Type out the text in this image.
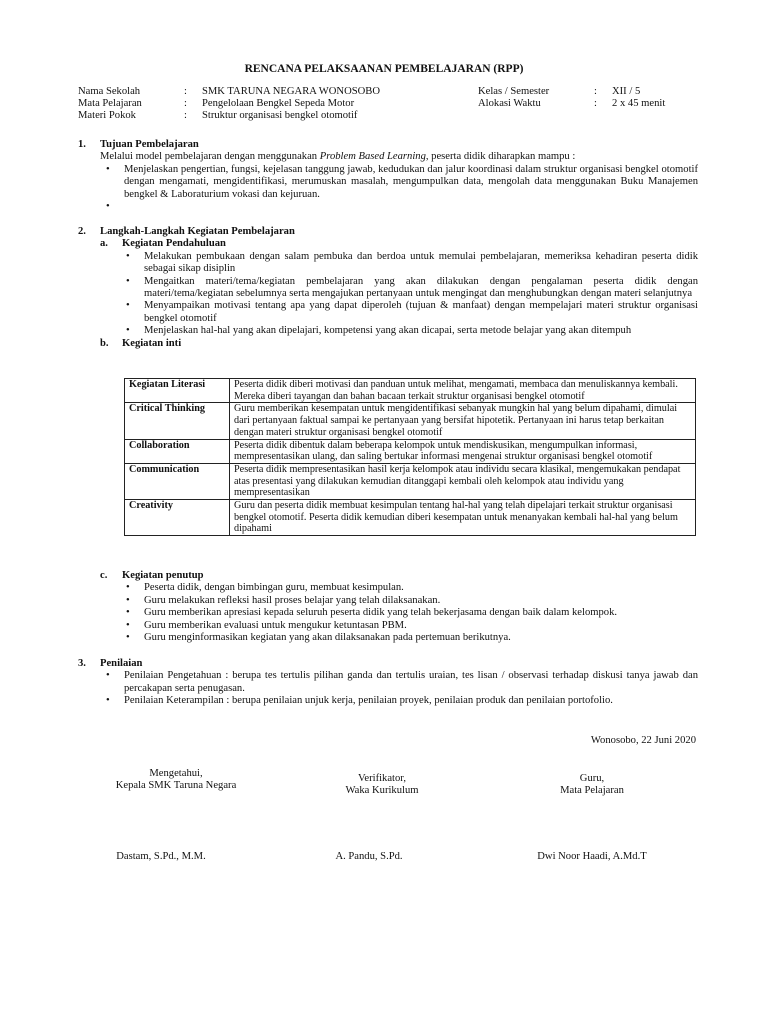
RENCANA PELAKSAANAN PEMBELAJARAN (RPP)
Nama Sekolah	: SMK TARUNA NEGARA WONOSOBO
Mata Pelajaran	: Pengelolaan Bengkel Sepeda Motor
Materi Pokok	: Struktur organisasi bengkel otomotif
Kelas / Semester	: XII / 5
Alokasi Waktu	: 2 x 45 menit
1. Tujuan Pembelajaran
Melalui model pembelajaran dengan menggunakan Problem Based Learning, peserta didik diharapkan mampu :
• Menjelaskan pengertian, fungsi, kejelasan tanggung jawab, kedudukan dan jalur koordinasi dalam struktur organisasi bengkel otomotif dengan mengamati, mengidentifikasi, merumuskan masalah, mengumpulkan data, mengolah data menggunakan Buku Manajemen bengkel & Laboraturium vokasi dan kejuruan.
•
2. Langkah-Langkah Kegiatan Pembelajaran
a. Kegiatan Pendahuluan
• Melakukan pembukaan dengan salam pembuka dan berdoa untuk memulai pembelajaran, memeriksa kehadiran peserta didik sebagai sikap disiplin
• Mengaitkan materi/tema/kegiatan pembelajaran yang akan dilakukan dengan pengalaman peserta didik dengan materi/tema/kegiatan sebelumnya serta mengajukan pertanyaan untuk mengingat dan menghubungkan dengan materi selanjutnya
• Menyampaikan motivasi tentang apa yang dapat diperoleh (tujuan & manfaat) dengan mempelajari materi struktur organisasi bengkel otomotif
• Menjelaskan hal-hal yang akan dipelajari, kompetensi yang akan dicapai, serta metode belajar yang akan ditempuh
b. Kegiatan inti
Kegiatan Literasi	Peserta didik diberi motivasi dan panduan untuk melihat, mengamati, membaca dan menuliskannya kembali. Mereka diberi tayangan dan bahan bacaan terkait struktur organisasi bengkel otomotif
Critical Thinking	Guru memberikan kesempatan untuk mengidentifikasi sebanyak mungkin hal yang belum dipahami, dimulai dari pertanyaan faktual sampai ke pertanyaan yang bersifat hipotetik. Pertanyaan ini harus tetap berkaitan dengan materi struktur organisasi bengkel otomotif
Collaboration	Peserta didik dibentuk dalam beberapa kelompok untuk mendiskusikan, mengumpulkan informasi, mempresentasikan ulang, dan saling bertukar informasi mengenai struktur organisasi bengkel otomotif
Communication	Peserta didik mempresentasikan hasil kerja kelompok atau individu secara klasikal, mengemukakan pendapat atas presentasi yang dilakukan kemudian ditanggapi kembali oleh kelompok atau individu yang mempresentasikan
Creativity	Guru dan peserta didik membuat kesimpulan tentang hal-hal yang telah dipelajari terkait struktur organisasi bengkel otomotif. Peserta didik kemudian diberi kesempatan untuk menanyakan kembali hal-hal yang belum dipahami
c. Kegiatan penutup
• Peserta didik, dengan bimbingan guru, membuat kesimpulan.
• Guru melakukan refleksi hasil proses belajar yang telah dilaksanakan.
• Guru memberikan apresiasi kepada seluruh peserta didik yang telah bekerjasama dengan baik dalam kelompok.
• Guru memberikan evaluasi untuk mengukur ketuntasan PBM.
• Guru menginformasikan kegiatan yang akan dilaksanakan pada pertemuan berikutnya.
3. Penilaian
• Penilaian Pengetahuan : berupa tes tertulis pilihan ganda dan tertulis uraian, tes lisan / observasi terhadap diskusi tanya jawab dan percakapan serta penugasan.
• Penilaian Keterampilan : berupa penilaian unjuk kerja, penilaian proyek, penilaian produk dan penilaian portofolio.
Wonosobo, 22 Juni 2020
Mengetahui,
Kepala SMK Taruna Negara
Verifikator,
Waka Kurikulum
Guru,
Mata Pelajaran
Dastam, S.Pd., M.M.	A. Pandu, S.Pd.	Dwi Noor Haadi, A.Md.T
